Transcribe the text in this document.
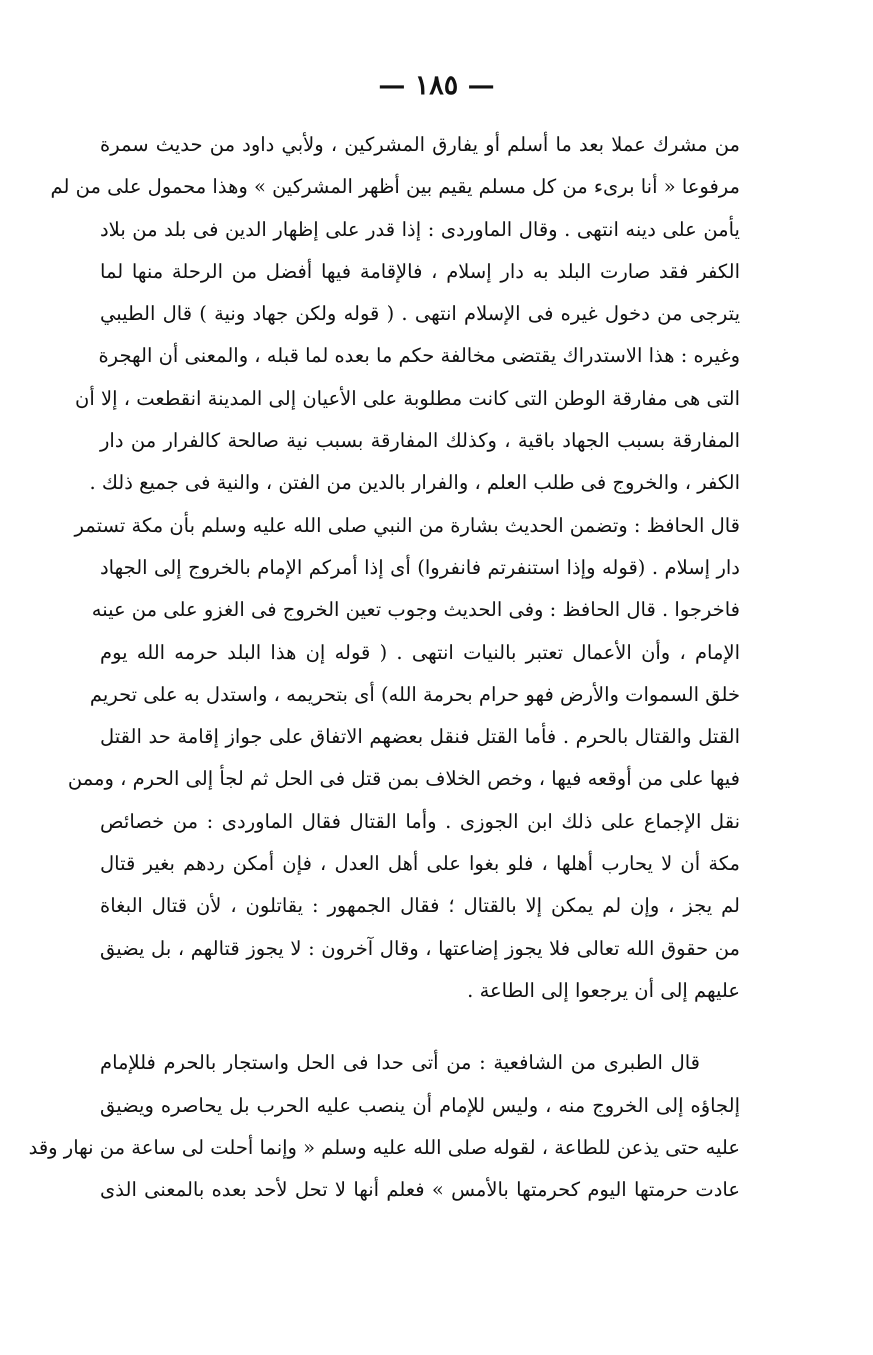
— ١٨٥ —
من مشرك عملا بعد ما أسلم أو يفارق المشركين ، ولأبي داود من حديث سمرة
مرفوعا « أنا برىء من كل مسلم يقيم بين أظهر المشركين » وهذا محمول على من لم
يأمن على دينه انتهى . وقال الماوردى : إذا قدر على إظهار الدين فى بلد من بلاد
الكفر فقد صارت البلد به دار إسلام ، فالإقامة فيها أفضل من الرحلة منها لما
يترجى من دخول غيره فى الإسلام انتهى . ( قوله ولكن جهاد ونية ) قال الطيبي
وغيره : هذا الاستدراك يقتضى مخالفة حكم ما بعده لما قبله ، والمعنى أن الهجرة
التى هى مفارقة الوطن التى كانت مطلوبة على الأعيان إلى المدينة انقطعت ، إلا أن
المفارقة بسبب الجهاد باقية ، وكذلك المفارقة بسبب نية صالحة كالفرار من دار
الكفر ، والخروج فى طلب العلم ، والفرار بالدين من الفتن ، والنية فى جميع ذلك .
قال الحافظ : وتضمن الحديث بشارة من النبي صلى الله عليه وسلم بأن مكة تستمر
دار إسلام . (قوله وإذا استنفرتم فانفروا) أى إذا أمركم الإمام بالخروج إلى الجهاد
فاخرجوا . قال الحافظ : وفى الحديث وجوب تعين الخروج فى الغزو على من عينه
الإمام ، وأن الأعمال تعتبر بالنيات انتهى . ( قوله إن هذا البلد حرمه الله يوم
خلق السموات والأرض فهو حرام بحرمة الله) أى بتحريمه ، واستدل به على تحريم
القتل والقتال بالحرم . فأما القتل فنقل بعضهم الاتفاق على جواز إقامة حد القتل
فيها على من أوقعه فيها ، وخص الخلاف بمن قتل فى الحل ثم لجأ إلى الحرم ، وممن
نقل الإجماع على ذلك ابن الجوزى . وأما القتال فقال الماوردى : من خصائص
مكة أن لا يحارب أهلها ، فلو بغوا على أهل العدل ، فإن أمكن ردهم بغير قتال
لم يجز ، وإن لم يمكن إلا بالقتال ؛ فقال الجمهور : يقاتلون ، لأن قتال البغاة
من حقوق الله تعالى فلا يجوز إضاعتها ، وقال آخرون : لا يجوز قتالهم ، بل يضيق
عليهم إلى أن يرجعوا إلى الطاعة .
قال الطبرى من الشافعية : من أتى حدا فى الحل واستجار بالحرم فللإمام
إلجاؤه إلى الخروج منه ، وليس للإمام أن ينصب عليه الحرب بل يحاصره ويضيق
عليه حتى يذعن للطاعة ، لقوله صلى الله عليه وسلم « وإنما أحلت لى ساعة من نهار وقد
عادت حرمتها اليوم كحرمتها بالأمس » فعلم أنها لا تحل لأحد بعده بالمعنى الذى
